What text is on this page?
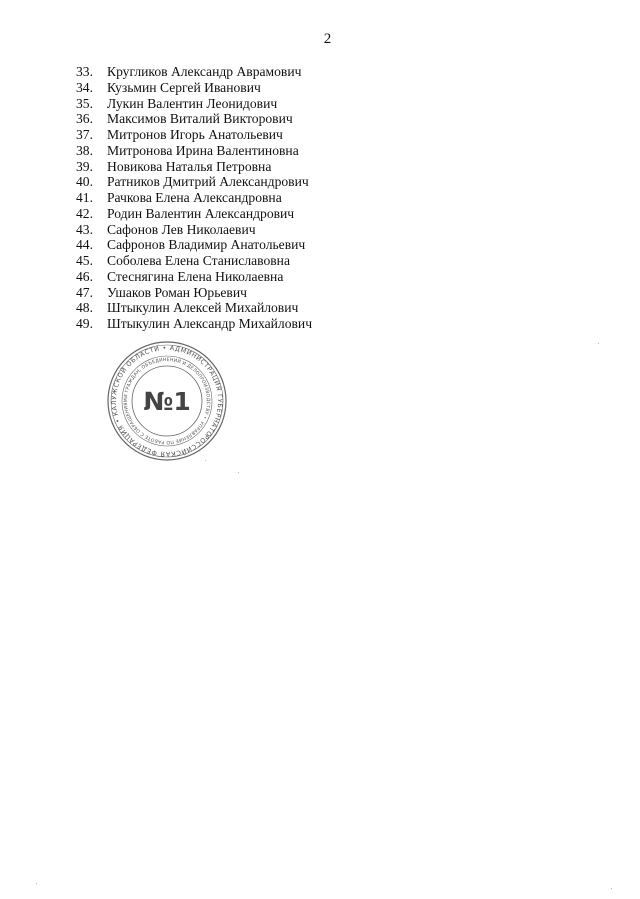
2
33.	Кругликов Александр Аврамович
34.	Кузьмин Сергей Иванович
35.	Лукин Валентин Леонидович
36.	Максимов Виталий Викторович
37.	Митронов Игорь Анатольевич
38.	Митронова Ирина Валентиновна
39.	Новикова Наталья Петровна
40.	Ратников Дмитрий Александрович
41.	Рачкова Елена Александровна
42.	Родин Валентин Александрович
43.	Сафонов Лев Николаевич
44.	Сафронов Владимир Анатольевич
45.	Соболева Елена Станиславовна
46.	Стеснягина Елена Николаевна
47.	Ушаков Роман Юрьевич
48.	Штыкулин Алексей Михайлович
49.	Штыкулин Александр Михайлович
РОССИЙСКАЯ ФЕДЕРАЦИЯ • КАЛУЖСКОЙ ОБЛАСТИ • АДМИНИСТРАЦИЯ ГУБЕРНАТОРА
УПРАВЛЕНИЕ ПО РАБОТЕ С ОБРАЩЕНИЯМИ ГРАЖДАН, ОБЪЕДИНЕНИЙ И ДЕЛОПРОИЗВОДСТВУ •
№1
